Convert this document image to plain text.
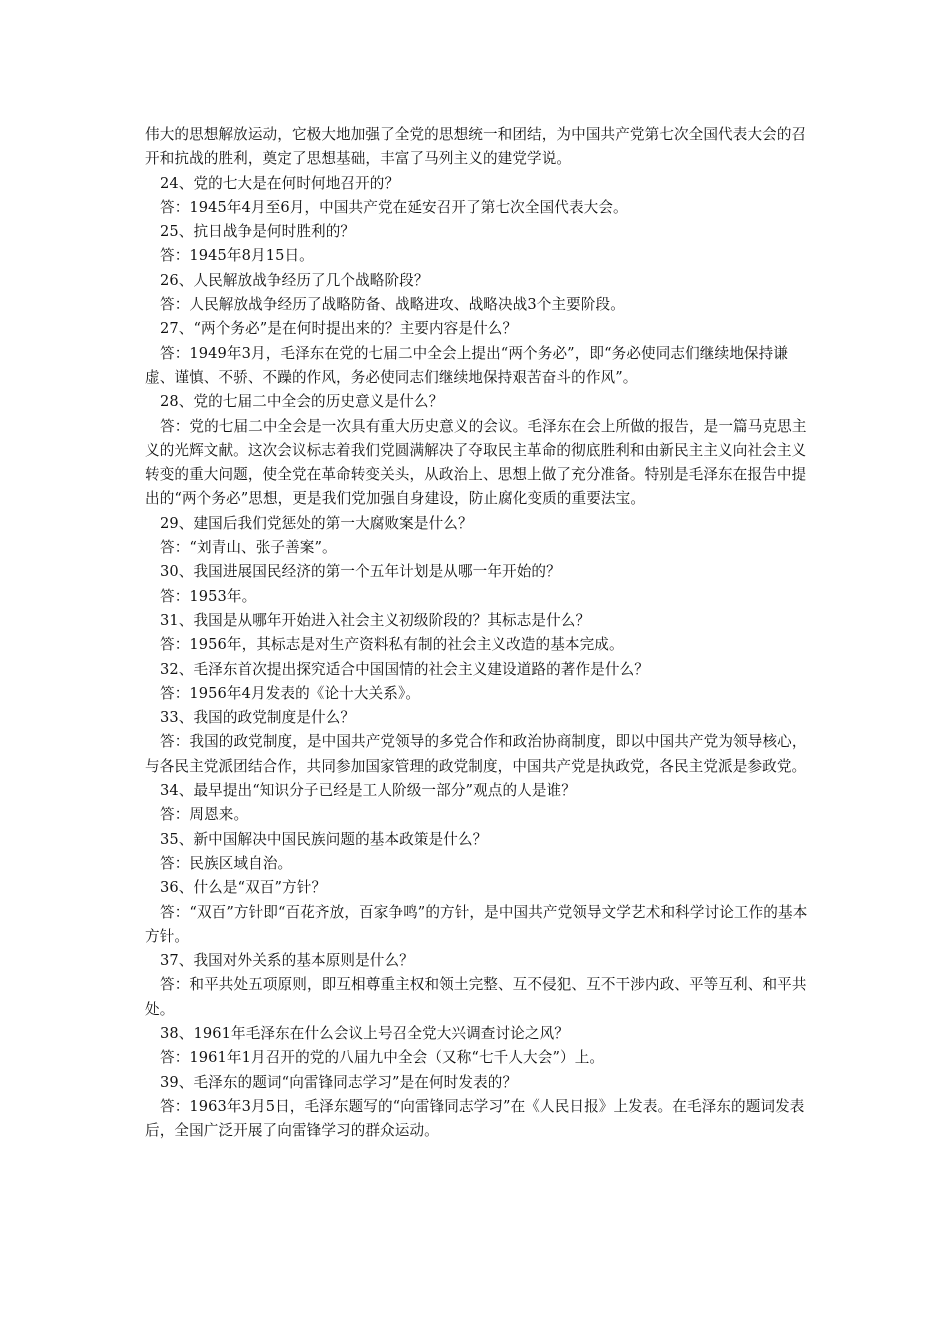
伟大的思想解放运动，它极大地加强了全党的思想统一和团结，为中国共产党第七次全国代表大会的召开和抗战的胜利，奠定了思想基础，丰富了马列主义的建党学说。

24、党的七大是在何时何地召开的？

答：1945年4月至6月，中国共产党在延安召开了第七次全国代表大会。

25、抗日战争是何时胜利的？

答：1945年8月15日。

26、人民解放战争经历了几个战略阶段？

答：人民解放战争经历了战略防备、战略进攻、战略决战3个主要阶段。

27、“两个务必”是在何时提出来的？主要内容是什么？

答：1949年3月，毛泽东在党的七届二中全会上提出“两个务必”，即“务必使同志们继续地保持谦虚、谨慎、不骄、不躁的作风，务必使同志们继续地保持艰苦奋斗的作风”。

28、党的七届二中全会的历史意义是什么？

答：党的七届二中全会是一次具有重大历史意义的会议。毛泽东在会上所做的报告，是一篇马克思主义的光辉文献。这次会议标志着我们党圆满解决了夺取民主革命的彻底胜利和由新民主主义向社会主义转变的重大问题，使全党在革命转变关头，从政治上、思想上做了充分准备。特别是毛泽东在报告中提出的“两个务必”思想，更是我们党加强自身建设，防止腐化变质的重要法宝。

29、建国后我们党惩处的第一大腐败案是什么？

答：“刘青山、张子善案”。

30、我国进展国民经济的第一个五年计划是从哪一年开始的？

答：1953年。

31、我国是从哪年开始进入社会主义初级阶段的？其标志是什么？

答：1956年，其标志是对生产资料私有制的社会主义改造的基本完成。

32、毛泽东首次提出探究适合中国国情的社会主义建设道路的著作是什么？

答：1956年4月发表的《论十大关系》。

33、我国的政党制度是什么？

答：我国的政党制度，是中国共产党领导的多党合作和政治协商制度，即以中国共产党为领导核心，与各民主党派团结合作，共同参加国家管理的政党制度，中国共产党是执政党，各民主党派是参政党。

34、最早提出“知识分子已经是工人阶级一部分”观点的人是谁？

答：周恩来。

35、新中国解决中国民族问题的基本政策是什么？

答：民族区域自治。

36、什么是“双百”方针？

答：“双百”方针即“百花齐放，百家争鸣”的方针，是中国共产党领导文学艺术和科学讨论工作的基本方针。

37、我国对外关系的基本原则是什么？

答：和平共处五项原则，即互相尊重主权和领土完整、互不侵犯、互不干涉内政、平等互利、和平共处。

38、1961年毛泽东在什么会议上号召全党大兴调查讨论之风？

答：1961年1月召开的党的八届九中全会（又称“七千人大会”）上。

39、毛泽东的题词“向雷锋同志学习”是在何时发表的？

答：1963年3月5日，毛泽东题写的“向雷锋同志学习”在《人民日报》上发表。在毛泽东的题词发表后，全国广泛开展了向雷锋学习的群众运动。
